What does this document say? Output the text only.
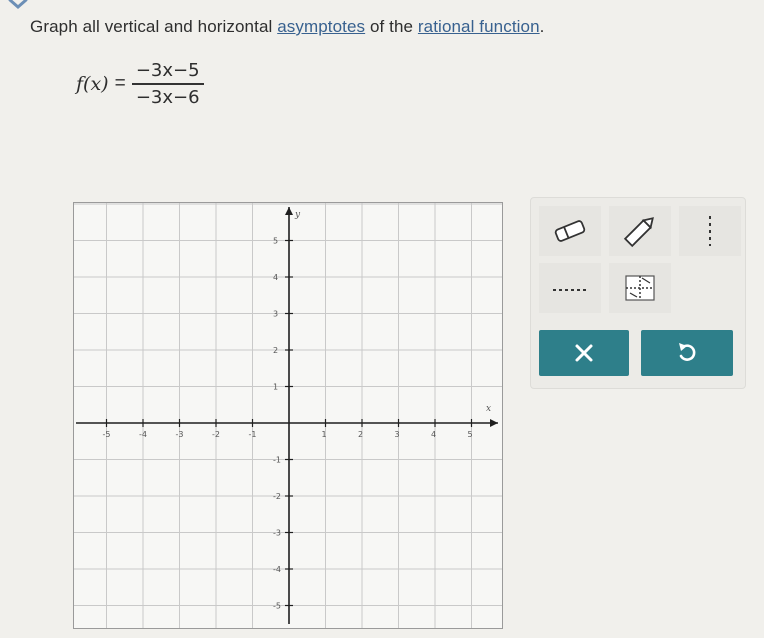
Graph all vertical and horizontal asymptotes of the rational function.
$f(x) = \frac{-3x-5}{-3x-6}$
x
y
-5	-4	-3	-2	-1	1	2	3	4	5
5
4
3
2
1
-1
-2
-3
-4
-5
